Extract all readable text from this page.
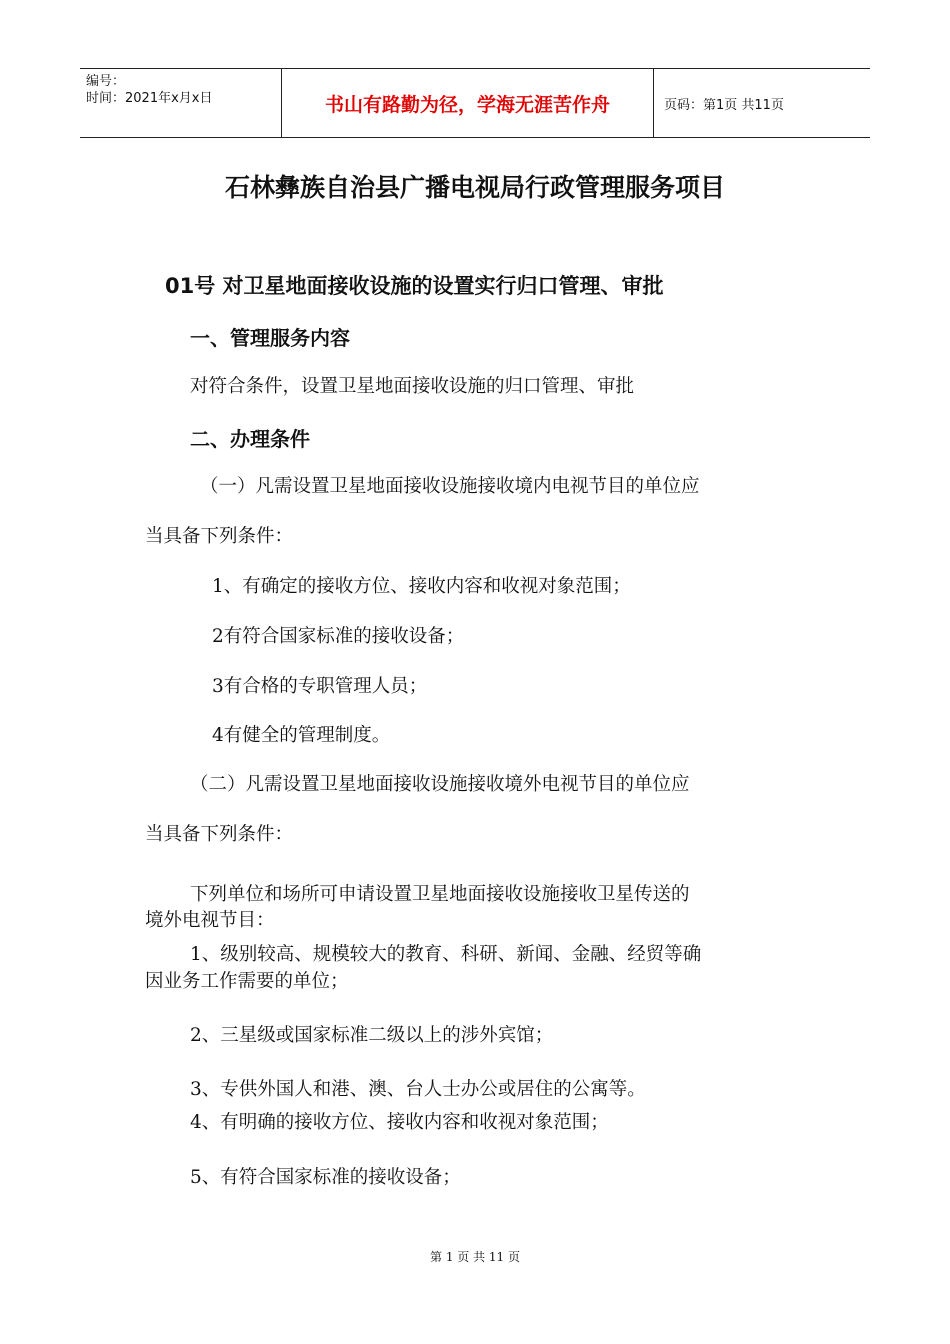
编号：
时间：2021年x月x日	书山有路勤为径，学海无涯苦作舟	页码：第1页 共11页
石林彝族自治县广播电视局行政管理服务项目
01号 对卫星地面接收设施的设置实行归口管理、审批
一、管理服务内容
对符合条件，设置卫星地面接收设施的归口管理、审批
二、办理条件
（一）凡需设置卫星地面接收设施接收境内电视节目的单位应
当具备下列条件：
1、有确定的接收方位、接收内容和收视对象范围；
2有符合国家标准的接收设备；
3有合格的专职管理人员；
4有健全的管理制度。
（二）凡需设置卫星地面接收设施接收境外电视节目的单位应
当具备下列条件：
下列单位和场所可申请设置卫星地面接收设施接收卫星传送的
境外电视节目：
1、级别较高、规模较大的教育、科研、新闻、金融、经贸等确
因业务工作需要的单位；
2、三星级或国家标准二级以上的涉外宾馆；
3、专供外国人和港、澳、台人士办公或居住的公寓等。
4、有明确的接收方位、接收内容和收视对象范围；
5、有符合国家标准的接收设备；
第 1 页 共 11 页
